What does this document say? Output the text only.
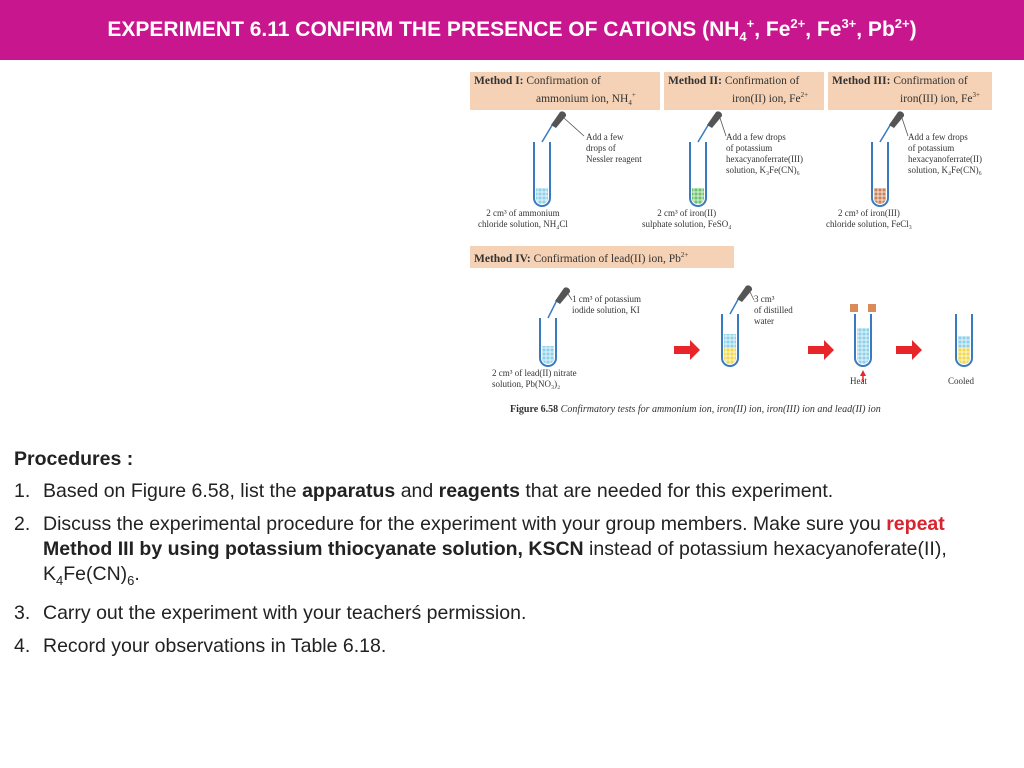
EXPERIMENT 6.11 CONFIRM THE PRESENCE OF CATIONS ($NH_4^+$, $Fe^{2+}$, $Fe^{3+}$, $Pb^{2+}$)
Method I: Confirmation of
ammonium ion, $NH_4^+$
Method II: Confirmation of
iron(II) ion, $Fe^{2+}$
Method III: Confirmation of
iron(III) ion, $Fe^{3+}$
Method IV: Confirmation of lead(II) ion, $Pb^{2+}$
Add a few
drops of
Nessler reagent
2 cm³ of ammonium
chloride solution, NH₄Cl
Add a few drops
of potassium
hexacyanoferrate(III)
solution, K₃Fe(CN)₆
2 cm³ of iron(II)
sulphate solution, FeSO₄
Add a few drops
of potassium
hexacyanoferrate(II)
solution, K₄Fe(CN)₆
2 cm³ of iron(III)
chloride solution, FeCl₃
1 cm³ of potassium
iodide solution, KI
2 cm³ of lead(II) nitrate
solution, Pb(NO₃)₂
3 cm³
of distilled
water
Heat	Cooled
Figure 6.58 Confirmatory tests for ammonium ion, iron(II) ion, iron(III) ion and lead(II) ion
Procedures :
1. Based on Figure 6.58, list the apparatus and reagents that are needed for this experiment.
2. Discuss the experimental procedure for the experiment with your group members. Make sure you repeat Method III by using potassium thiocyanate solution, KSCN instead of potassium hexacyanoferate(II), $K_4Fe(CN)_6$.
3. Carry out the experiment with your teacherś permission.
4. Record your observations in Table 6.18.
